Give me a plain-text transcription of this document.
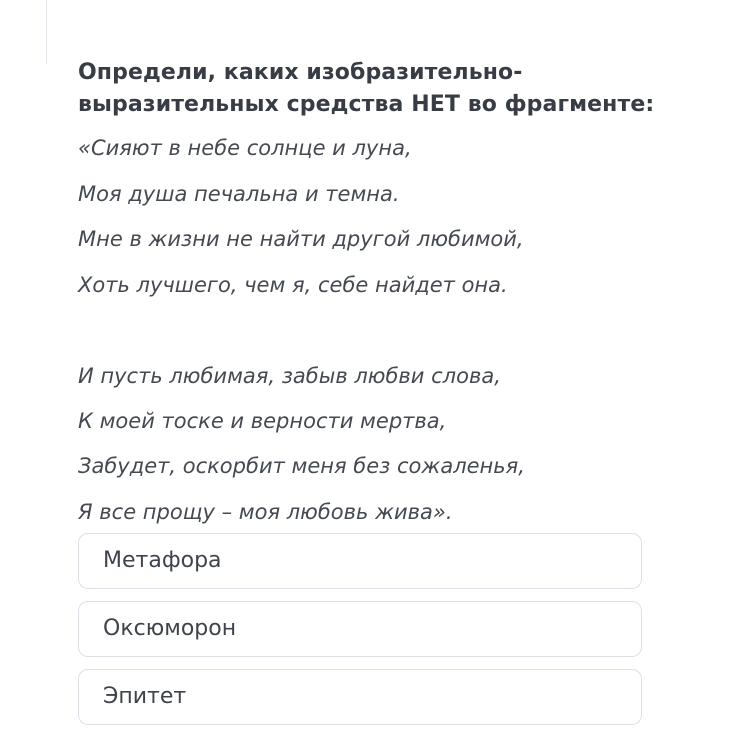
Определи, каких изобразительно-
выразительных средства НЕТ во фрагменте:
«Сияют в небе солнце и луна,
Моя душа печальна и темна.
Мне в жизни не найти другой любимой,
Хоть лучшего, чем я, себе найдет она.
И пусть любимая, забыв любви слова,
К моей тоске и верности мертва,
Забудет, оскорбит меня без сожаленья,
Я все прощу – моя любовь жива».
Метафора
Оксюморон
Эпитет
